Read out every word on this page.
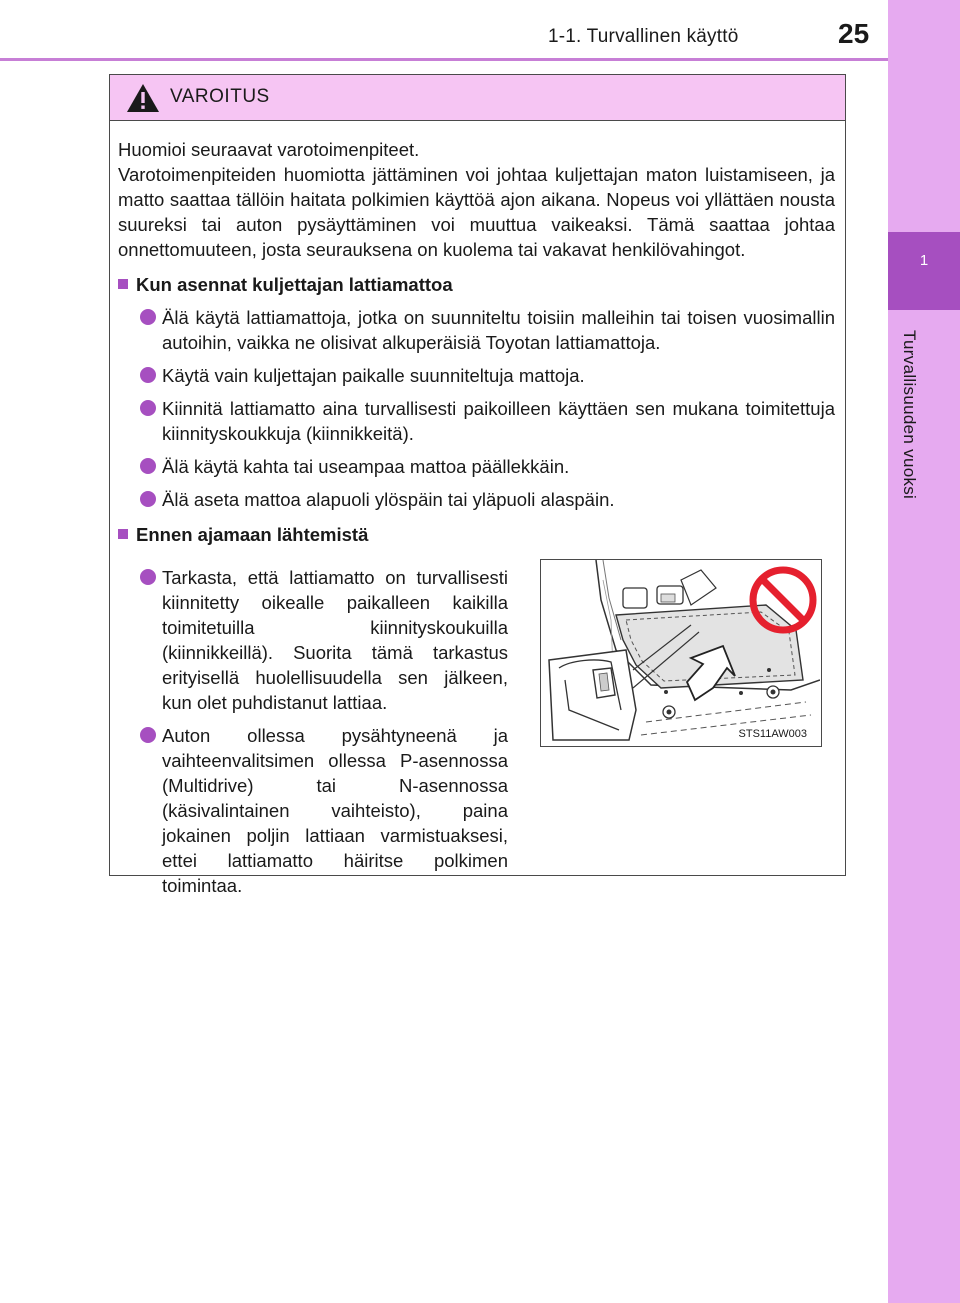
1-1. Turvallinen käyttö	25
1
Turvallisuuden vuoksi
VAROITUS

Huomioi seuraavat varotoimenpiteet.

Varotoimenpiteiden huomiotta jättäminen voi johtaa kuljettajan maton luistamiseen, ja matto saattaa tällöin haitata polkimien käyttöä ajon aikana. Nopeus voi yllättäen nousta suureksi tai auton pysäyttäminen voi muuttua vaikeaksi. Tämä saattaa johtaa onnettomuuteen, josta seurauksena on kuolema tai vakavat henkilövahingot.

Kun asennat kuljettajan lattiamattoa
Älä käytä lattiamattoja, jotka on suunniteltu toisiin malleihin tai toisen vuosimallin autoihin, vaikka ne olisivat alkuperäisiä Toyotan lattiamattoja.
Käytä vain kuljettajan paikalle suunniteltuja mattoja.
Kiinnitä lattiamatto aina turvallisesti paikoilleen käyttäen sen mukana toimitettuja kiinnityskoukkuja (kiinnikkeitä).
Älä käytä kahta tai useampaa mattoa päällekkäin.
Älä aseta mattoa alapuoli ylöspäin tai yläpuoli alaspäin.
Ennen ajamaan lähtemistä
Tarkasta, että lattiamatto on turvallisesti kiinnitetty oikealle paikalleen kaikilla toimitetuilla kiinnityskoukuilla (kiinnikkeillä). Suorita tämä tarkastus erityisellä huolellisuudella sen jälkeen, kun olet puhdistanut lattiaa.
Auton ollessa pysähtyneenä ja vaihteenvalitsimen ollessa P-asennossa (Multidrive) tai N-asennossa (käsivalintainen vaihteisto), paina jokainen poljin lattiaan varmistuaksesi, ettei lattiamatto häiritse polkimen toimintaa.
STS11AW003
